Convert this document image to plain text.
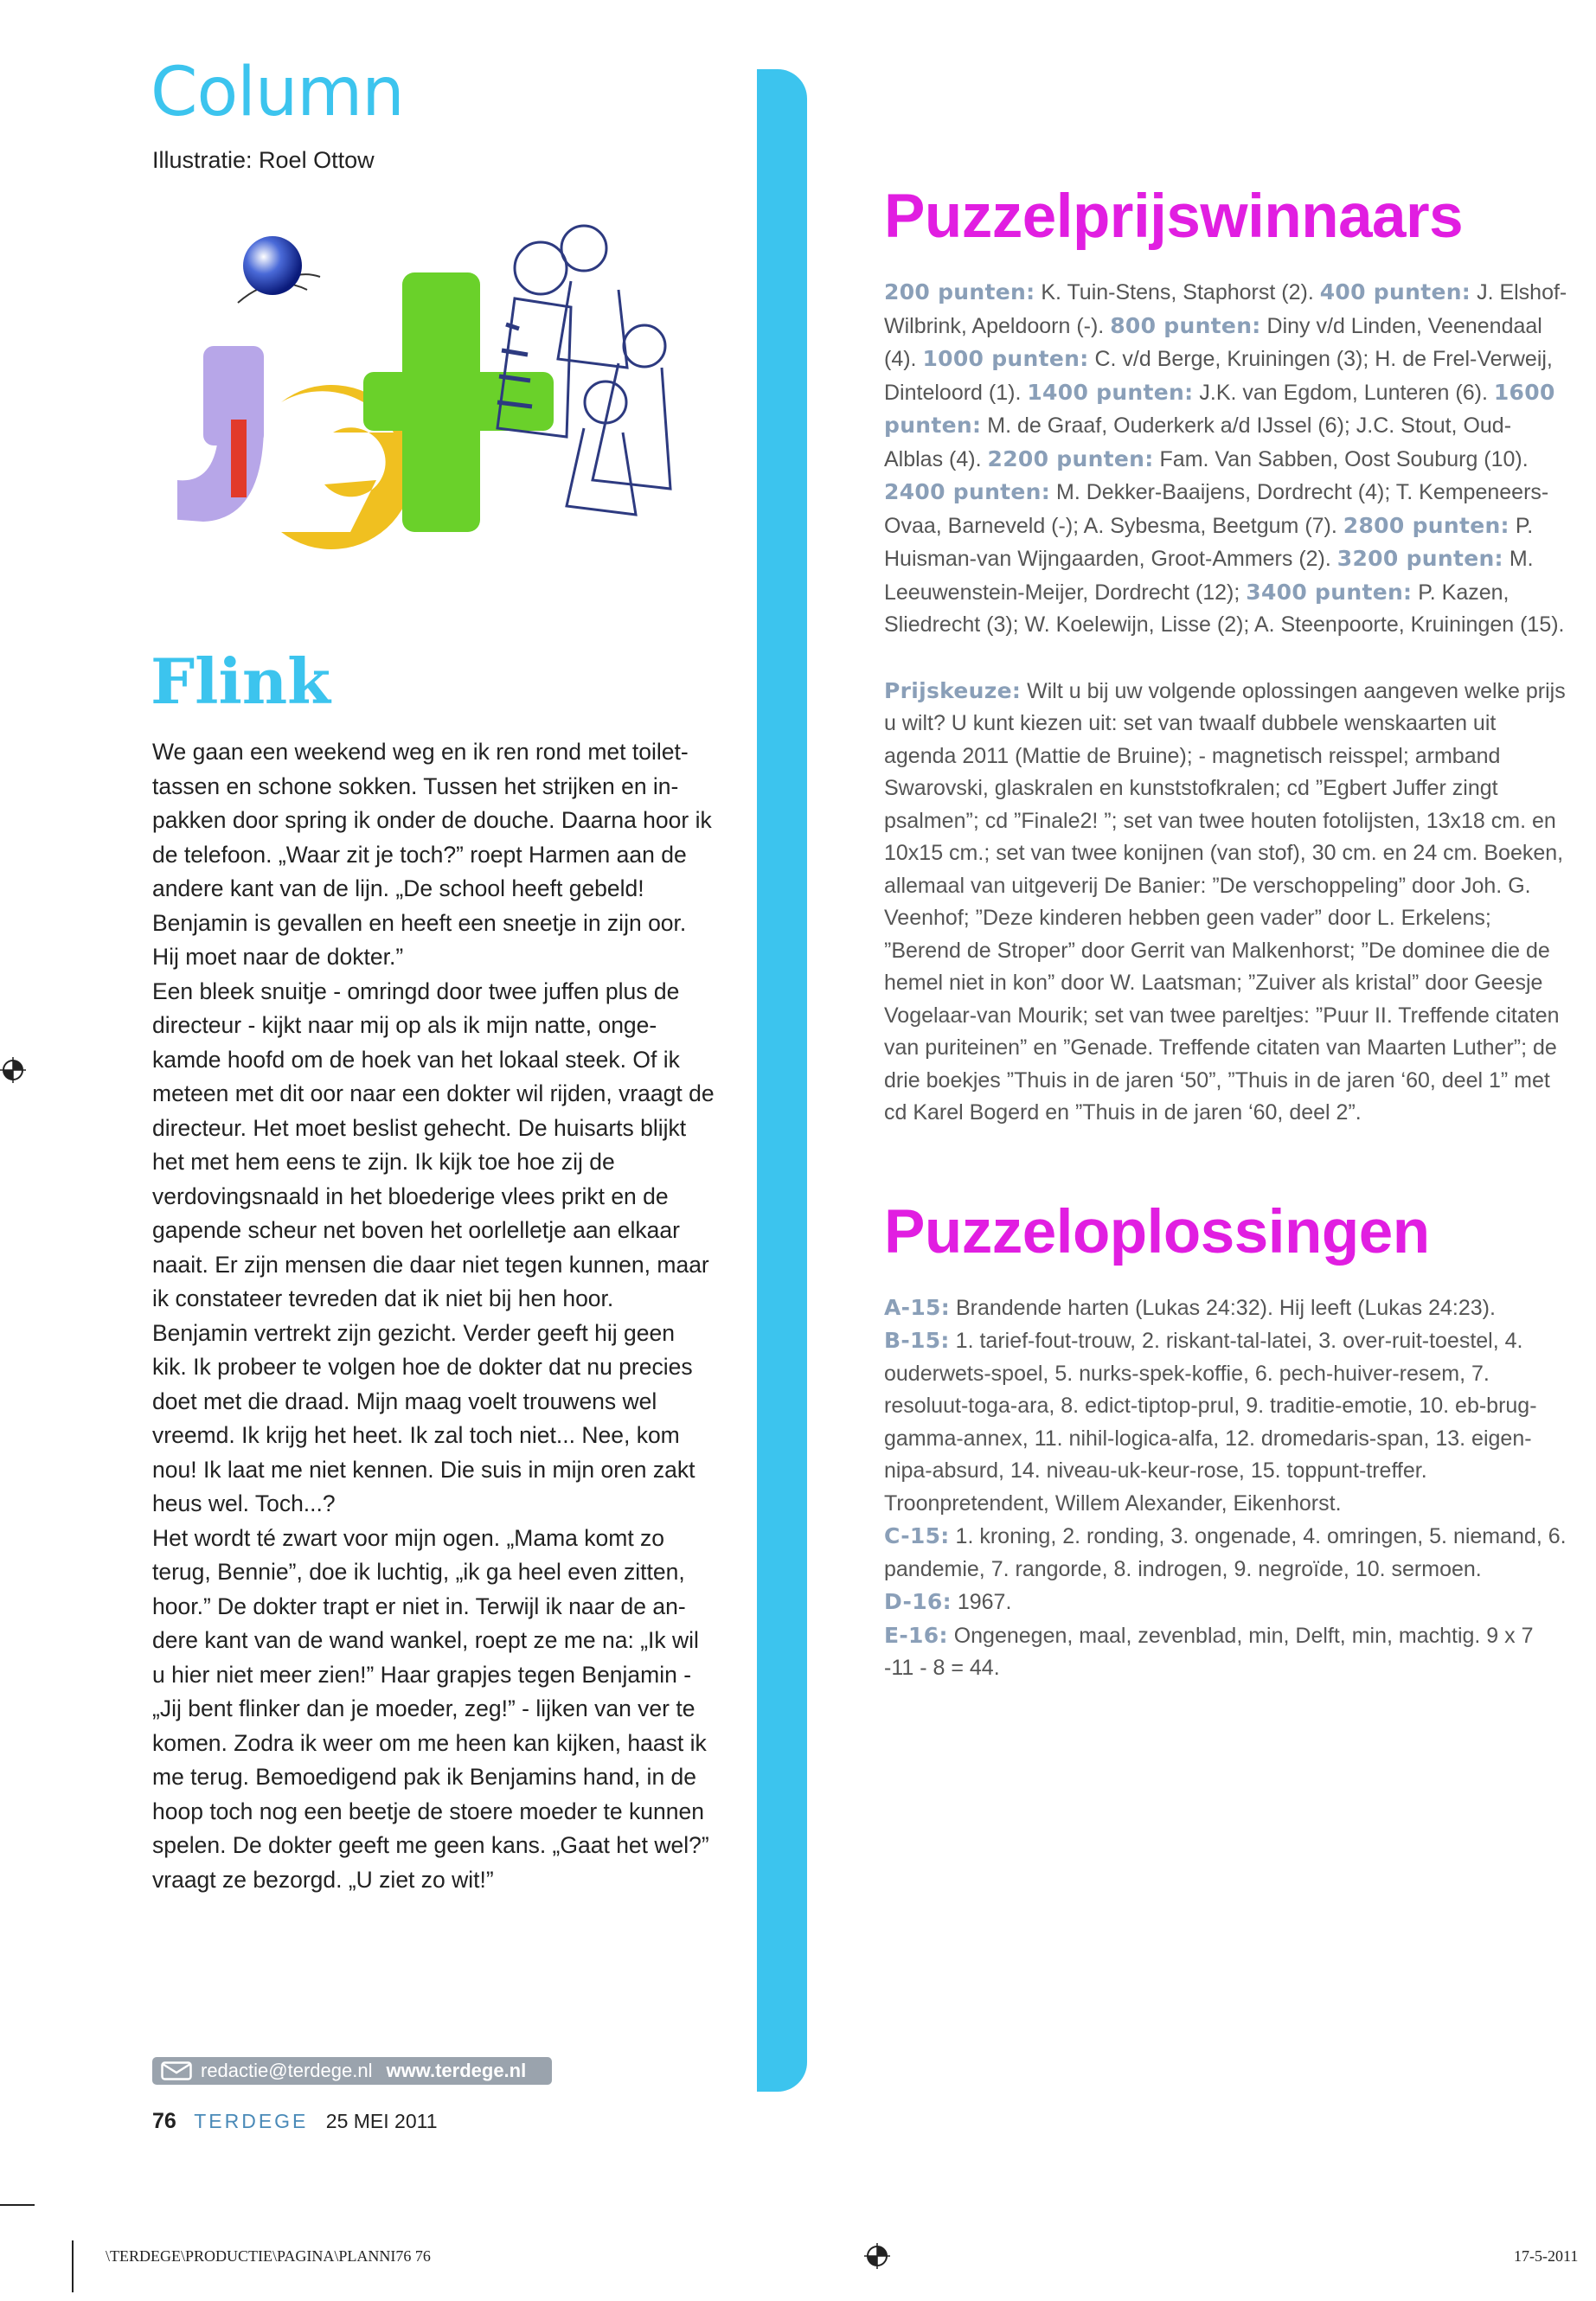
Column
Illustratie: Roel Ottow
Flink

We gaan een weekend weg en ik ren rond met toilet-tassen en schone sokken. Tussen het strijken en in-pakken door spring ik onder de douche. Daarna hoor ik de telefoon. „Waar zit je toch?” roept Harmen aan de andere kant van de lijn. „De school heeft gebeld! Benjamin is gevallen en heeft een sneetje in zijn oor. Hij moet naar de dokter.”

Een bleek snuitje - omringd door twee juffen plus de directeur - kijkt naar mij op als ik mijn natte, onge-kamde hoofd om de hoek van het lokaal steek. Of ik meteen met dit oor naar een dokter wil rijden, vraagt de directeur. Het moet beslist gehecht. De huisarts blijkt het met hem eens te zijn. Ik kijk toe hoe zij de verdovingsnaald in het bloederige vlees prikt en de gapende scheur net boven het oorlelletje aan elkaar naait. Er zijn mensen die daar niet tegen kunnen, maar ik constateer tevreden dat ik niet bij hen hoor. Benjamin vertrekt zijn gezicht. Verder geeft hij geen kik. Ik probeer te volgen hoe de dokter dat nu precies doet met die draad. Mijn maag voelt trouwens wel vreemd. Ik krijg het heet. Ik zal toch niet... Nee, kom nou! Ik laat me niet kennen. Die suis in mijn oren zakt heus wel. Toch...?

Het wordt té zwart voor mijn ogen. „Mama komt zo terug, Bennie”, doe ik luchtig, „ik ga heel even zitten, hoor.” De dokter trapt er niet in. Terwijl ik naar de an-dere kant van de wand wankel, roept ze me na: „Ik wil u hier niet meer zien!” Haar grapjes tegen Benjamin - „Jij bent flinker dan je moeder, zeg!” - lijken van ver te komen. Zodra ik weer om me heen kan kijken, haast ik me terug. Bemoedigend pak ik Benjamins hand, in de hoop toch nog een beetje de stoere moeder te kunnen spelen. De dokter geeft me geen kans. „Gaat het wel?” vraagt ze bezorgd. „U ziet zo wit!”

Puzzelprijswinnaars
200 punten: K. Tuin-Stens, Staphorst (2). 400 punten: J. Elshof-Wilbrink, Apeldoorn (-). 800 punten: Diny v/d Linden, Veenendaal (4). 1000 punten: C. v/d Berge, Kruiningen (3); H. de Frel-Verweij, Dinteloord (1). 1400 punten: J.K. van Egdom, Lunteren (6). 1600 punten: M. de Graaf, Ouderkerk a/d IJssel (6); J.C. Stout, Oud-Alblas (4). 2200 punten: Fam. Van Sabben, Oost Souburg (10). 2400 punten: M. Dekker-Baaijens, Dordrecht (4); T. Kempeneers-Ovaa, Barneveld (-); A. Sybesma, Beetgum (7). 2800 punten: P. Huisman-van Wijngaarden, Groot-Ammers (2). 3200 punten: M. Leeuwenstein-Meijer, Dordrecht (12); 3400 punten: P. Kazen, Sliedrecht (3); W. Koelewijn, Lisse (2); A. Steenpoorte, Kruiningen (15).
Prijskeuze: Wilt u bij uw volgende oplossingen aangeven welke prijs u wilt? U kunt kiezen uit: set van twaalf dubbele wenskaarten uit agenda 2011 (Mattie de Bruine); - magnetisch reisspel; armband Swarovski, glaskralen en kunststofkralen; cd ”Egbert Juffer zingt psalmen”; cd ”Finale2! ”; set van twee houten fotolijsten, 13x18 cm. en 10x15 cm.; set van twee konijnen (van stof), 30 cm. en 24 cm. Boeken, allemaal van uitgeverij De Banier: ”De verschoppeling” door Joh. G. Veenhof; ”Deze kinderen hebben geen vader” door L. Erkelens; ”Berend de Stroper” door Gerrit van Malkenhorst; ”De dominee die de hemel niet in kon” door W. Laatsman; ”Zuiver als kristal” door Geesje Vogelaar-van Mourik; set van twee pareltjes: ”Puur II. Treffende citaten van puriteinen” en ”Genade. Treffende citaten van Maarten Luther”; de drie boekjes ”Thuis in de jaren ‘50”, ”Thuis in de jaren ‘60, deel 1” met cd Karel Bogerd en ”Thuis in de jaren ‘60, deel 2”.
Puzzeloplossingen
A-15: Brandende harten (Lukas 24:32). Hij leeft (Lukas 24:23).
B-15: 1. tarief-fout-trouw, 2. riskant-tal-latei, 3. over-ruit-toestel, 4. ouderwets-spoel, 5. nurks-spek-koffie, 6. pech-huiver-resem, 7. resoluut-toga-ara, 8. edict-tiptop-prul, 9. traditie-emotie, 10. eb-brug-gamma-annex, 11. nihil-logica-alfa, 12. dromedaris-span, 13. eigen-nipa-absurd, 14. niveau-uk-keur-rose, 15. toppunt-treffer. Troonpretendent, Willem Alexander, Eikenhorst.
C-15: 1. kroning, 2. ronding, 3. ongenade, 4. omringen, 5. niemand, 6. pandemie, 7. rangorde, 8. indrogen, 9. negroïde, 10. sermoen.
D-16: 1967.
E-16: Ongenegen, maal, zevenblad, min, Delft, min, machtig. 9 x 7 -11 - 8 = 44.

redactie@terdege.nl www.terdege.nl
76 TERDEGE 25 MEI 2011
\TERDEGE\PRODUCTIE\PAGINA\PLANNI76 76	17-5-2011
